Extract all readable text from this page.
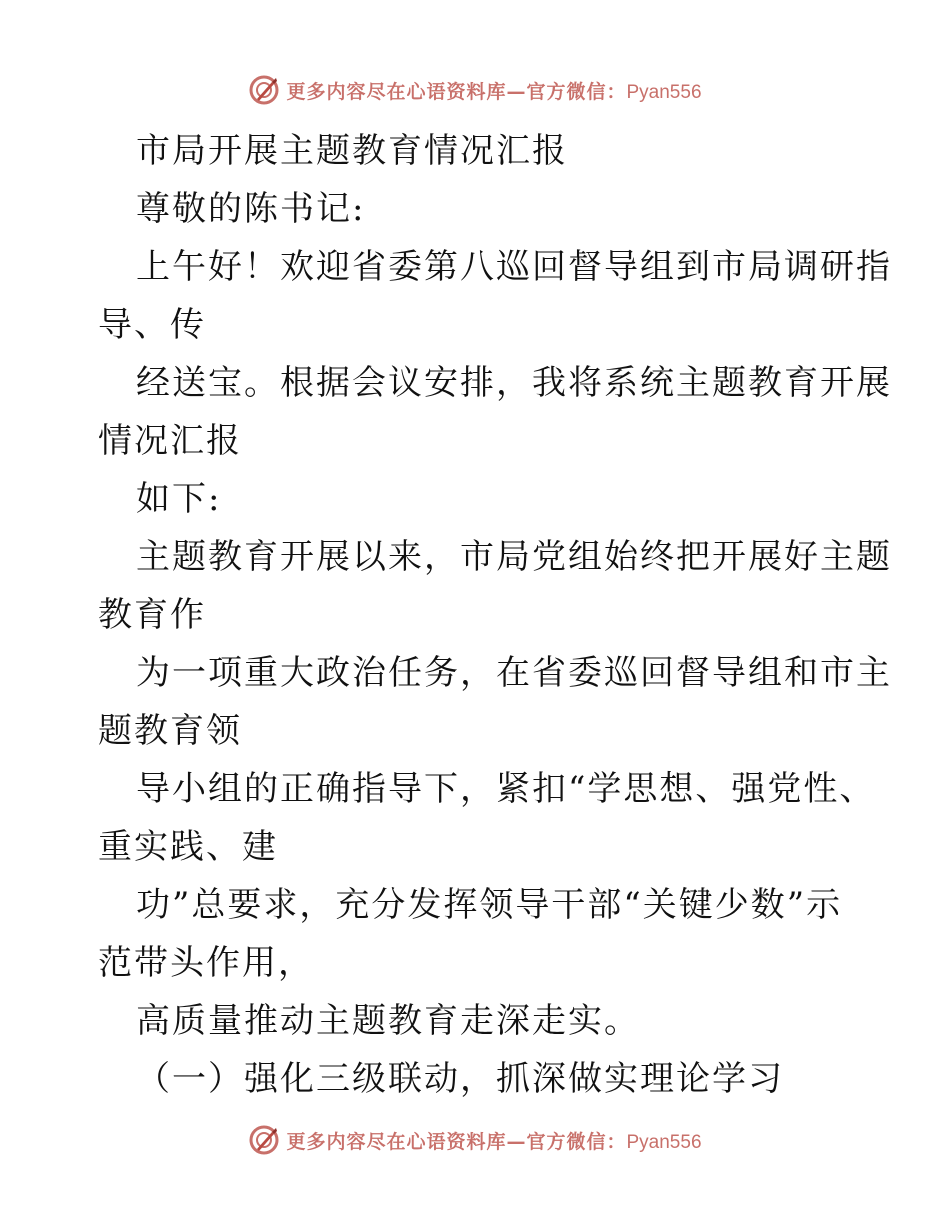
更多内容尽在心语资料库—官方微信：Pyan556
市局开展主题教育情况汇报
尊敬的陈书记:
上午好！欢迎省委第八巡回督导组到市局调研指
导、传
经送宝。根据会议安排，我将系统主题教育开展
情况汇报
如下:
主题教育开展以来，市局党组始终把开展好主题
教育作
为一项重大政治任务，在省委巡回督导组和市主
题教育领
导小组的正确指导下，紧扣“学思想、强党性、
重实践、建
功”总要求，充分发挥领导干部“关键少数”示
范带头作用，
高质量推动主题教育走深走实。
（一）强化三级联动，抓深做实理论学习
更多内容尽在心语资料库—官方微信：Pyan556
